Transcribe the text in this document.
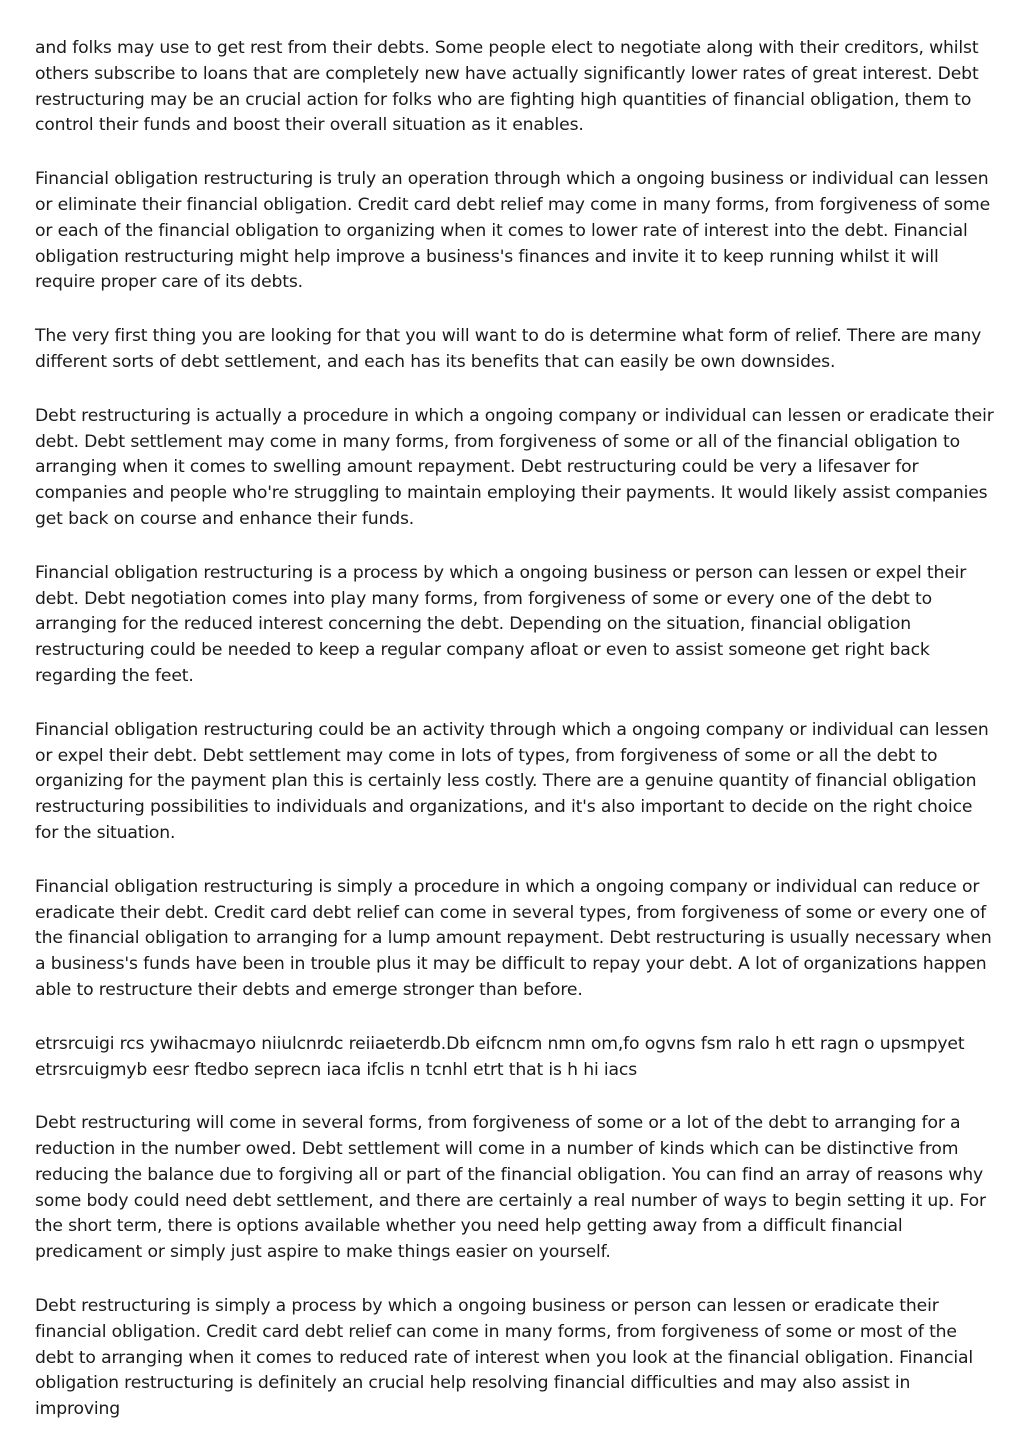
and folks may use to get rest from their debts. Some people elect to negotiate along with their creditors, whilst others subscribe to loans that are completely new have actually significantly lower rates of great interest. Debt restructuring may be an crucial action for folks who are fighting high quantities of financial obligation, them to control their funds and boost their overall situation as it enables.

Financial obligation restructuring is truly an operation through which a ongoing business or individual can lessen or eliminate their financial obligation. Credit card debt relief may come in many forms, from forgiveness of some or each of the financial obligation to organizing when it comes to lower rate of interest into the debt. Financial obligation restructuring might help improve a business's finances and invite it to keep running whilst it will require proper care of its debts.

The very first thing you are looking for that you will want to do is determine what form of relief. There are many different sorts of debt settlement, and each has its benefits that can easily be own downsides.

Debt restructuring is actually a procedure in which a ongoing company or individual can lessen or eradicate their debt. Debt settlement may come in many forms, from forgiveness of some or all of the financial obligation to arranging when it comes to swelling amount repayment. Debt restructuring could be very a lifesaver for companies and people who're struggling to maintain employing their payments. It would likely assist companies get back on course and enhance their funds.

Financial obligation restructuring is a process by which a ongoing business or person can lessen or expel their debt. Debt negotiation comes into play many forms, from forgiveness of some or every one of the debt to arranging for the reduced interest concerning the debt. Depending on the situation, financial obligation restructuring could be needed to keep a regular company afloat or even to assist someone get right back regarding the feet.

Financial obligation restructuring could be an activity through which a ongoing company or individual can lessen or expel their debt. Debt settlement may come in lots of types, from forgiveness of some or all the debt to organizing for the payment plan this is certainly less costly. There are a genuine quantity of financial obligation restructuring possibilities to individuals and organizations, and it's also important to decide on the right choice for the situation.

Financial obligation restructuring is simply a procedure in which a ongoing company or individual can reduce or eradicate their debt. Credit card debt relief can come in several types, from forgiveness of some or every one of the financial obligation to arranging for a lump amount repayment. Debt restructuring is usually necessary when a business's funds have been in trouble plus it may be difficult to repay your debt. A lot of organizations happen able to restructure their debts and emerge stronger than before.

etrsrcuigi rcs ywihacmayo niiulcnrdc reiiaeterdb.Db eifcncm nmn om,fo ogvns fsm ralo h ett ragn o upsmpyet etrsrcuigmyb eesr ftedbo seprecn iaca ifclis n tcnhl etrt that is h hi iacs

Debt restructuring will come in several forms, from forgiveness of some or a lot of the debt to arranging for a reduction in the number owed. Debt settlement will come in a number of kinds which can be distinctive from reducing the balance due to forgiving all or part of the financial obligation. You can find an array of reasons why some body could need debt settlement, and there are certainly a real number of ways to begin setting it up. For the short term, there is options available whether you need help getting away from a difficult financial predicament or simply just aspire to make things easier on yourself.

Debt restructuring is simply a process by which a ongoing business or person can lessen or eradicate their financial obligation. Credit card debt relief can come in many forms, from forgiveness of some or most of the debt to arranging when it comes to reduced rate of interest when you look at the financial obligation. Financial obligation restructuring is definitely an crucial help resolving financial difficulties and may also assist in improving
